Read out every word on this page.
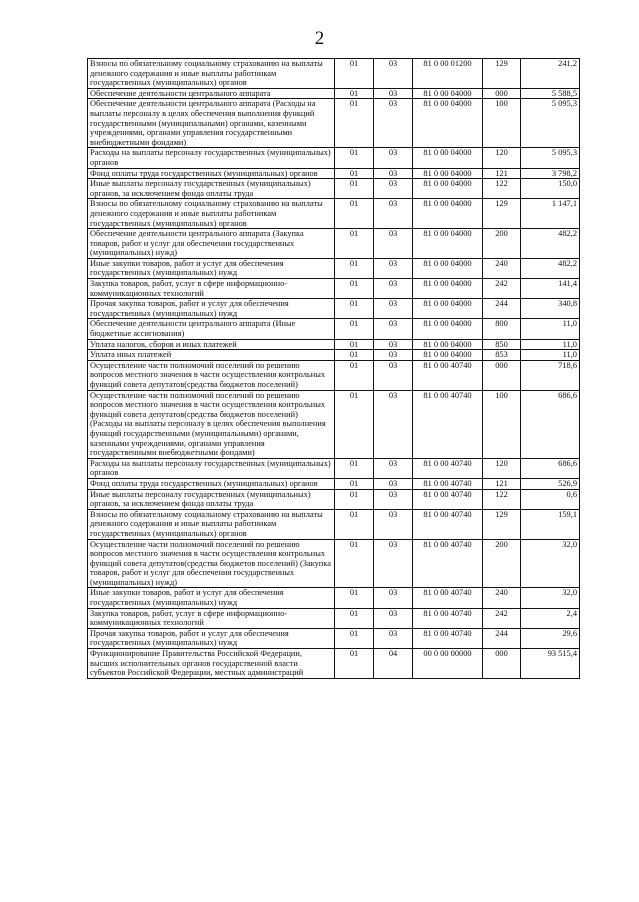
2
Взносы по обязательному социальному страхованию на выплаты денежного содержания и иные выплаты работникам государственных (муниципальных) органов	01	03	81 0 00 01200	129	241,2
Обеспечение деятельности центрального аппарата	01	03	81 0 00 04000	000	5 588,5
Обеспечение деятельности центрального аппарата (Расходы на выплаты персоналу в целях обеспечения выполнения функций государственными (муниципальными) органами, казенными учреждениями, органами управления государственными внебюджетными фондами)	01	03	81 0 00 04000	100	5 095,3
Расходы на выплаты персоналу государственных (муниципальных) органов	01	03	81 0 00 04000	120	5 095,3
Фонд оплаты труда государственных (муниципальных) органов	01	03	81 0 00 04000	121	3 798,2
Иные выплаты персоналу государственных (муниципальных) органов, за исключением фонда оплаты труда	01	03	81 0 00 04000	122	150,0
Взносы по обязательному социальному страхованию на выплаты денежного содержания и иные выплаты работникам государственных (муниципальных) органов	01	03	81 0 00 04000	129	1 147,1
Обеспечение деятельности центрального аппарата (Закупка товаров, работ и услуг для обеспечения государственных (муниципальных) нужд)	01	03	81 0 00 04000	200	482,2
Иные закупки товаров, работ и услуг для обеспечения государственных (муниципальных) нужд	01	03	81 0 00 04000	240	482,2
Закупка товаров, работ, услуг в сфере информационно-коммуникационных технологий	01	03	81 0 00 04000	242	141,4
Прочая закупка товаров, работ и услуг для обеспечения государственных (муниципальных) нужд	01	03	81 0 00 04000	244	340,8
Обеспечение деятельности центрального аппарата (Иные бюджетные ассигнования)	01	03	81 0 00 04000	800	11,0
Уплата налогов, сборов и иных платежей	01	03	81 0 00 04000	850	11,0
Уплата иных платежей	01	03	81 0 00 04000	853	11,0
Осуществление части полномочий поселений по решению вопросов местного значения в части осуществления контрольных функций совета депутатов(средства бюджетов поселений)	01	03	81 0 00 40740	000	718,6
Осуществление части полномочий поселений по решению вопросов местного значения в части осуществления контрольных функций совета депутатов(средства бюджетов поселений) (Расходы на выплаты персоналу в целях обеспечения выполнения функций государственными (муниципальными) органами, казенными учреждениями, органами управления государственными внебюджетными фондами)	01	03	81 0 00 40740	100	686,6
Расходы на выплаты персоналу государственных (муниципальных) органов	01	03	81 0 00 40740	120	686,6
Фонд оплаты труда государственных (муниципальных) органов	01	03	81 0 00 40740	121	526,9
Иные выплаты персоналу государственных (муниципальных) органов, за исключением фонда оплаты труда	01	03	81 0 00 40740	122	0,6
Взносы по обязательному социальному страхованию на выплаты денежного содержания и иные выплаты работникам государственных (муниципальных) органов	01	03	81 0 00 40740	129	159,1
Осуществление части полномочий поселений по решению вопросов местного значения в части осуществления контрольных функций совета депутатов(средства бюджетов поселений) (Закупка товаров, работ и услуг для обеспечения государственных (муниципальных) нужд)	01	03	81 0 00 40740	200	32,0
Иные закупки товаров, работ и услуг для обеспечения государственных (муниципальных) нужд	01	03	81 0 00 40740	240	32,0
Закупка товаров, работ, услуг в сфере информационно-коммуникационных технологий	01	03	81 0 00 40740	242	2,4
Прочая закупка товаров, работ и услуг для обеспечения государственных (муниципальных) нужд	01	03	81 0 00 40740	244	29,6
Функционирование Правительства Российской Федерации, высших исполнительных органов государственной власти субъектов Российской Федерации, местных администраций	01	04	00 0 00 00000	000	93 515,4
